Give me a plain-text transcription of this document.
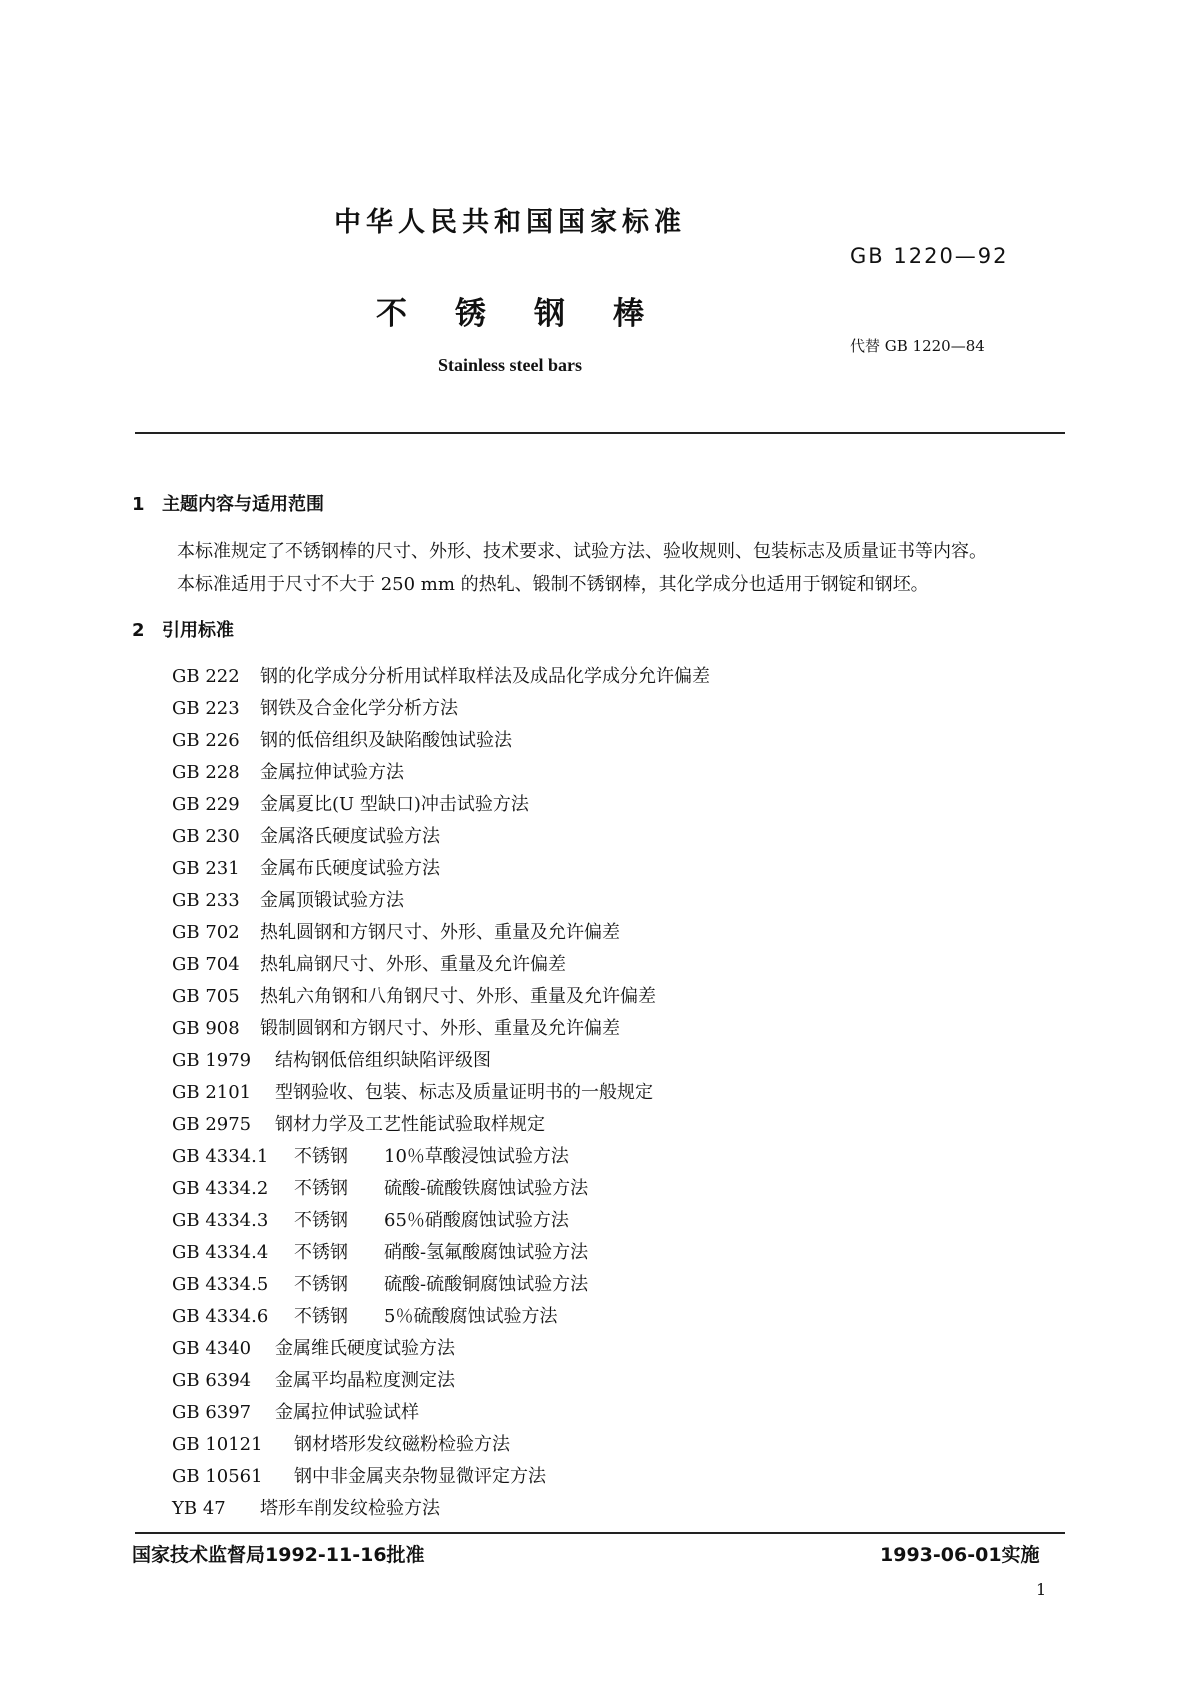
中华人民共和国国家标准
不锈钢棒
Stainless steel bars
GB 1220—92
代替 GB 1220—84
1 主题内容与适用范围
本标准规定了不锈钢棒的尺寸、外形、技术要求、试验方法、验收规则、包装标志及质量证书等内容。
本标准适用于尺寸不大于 250 mm 的热轧、锻制不锈钢棒，其化学成分也适用于钢锭和钢坯。
2 引用标准
GB 222 钢的化学成分分析用试样取样法及成品化学成分允许偏差
GB 223 钢铁及合金化学分析方法
GB 226 钢的低倍组织及缺陷酸蚀试验法
GB 228 金属拉伸试验方法
GB 229 金属夏比(U 型缺口)冲击试验方法
GB 230 金属洛氏硬度试验方法
GB 231 金属布氏硬度试验方法
GB 233 金属顶锻试验方法
GB 702 热轧圆钢和方钢尺寸、外形、重量及允许偏差
GB 704 热轧扁钢尺寸、外形、重量及允许偏差
GB 705 热轧六角钢和八角钢尺寸、外形、重量及允许偏差
GB 908 锻制圆钢和方钢尺寸、外形、重量及允许偏差
GB 1979 结构钢低倍组织缺陷评级图
GB 2101 型钢验收、包装、标志及质量证明书的一般规定
GB 2975 钢材力学及工艺性能试验取样规定
GB 4334.1 不锈钢 10％草酸浸蚀试验方法
GB 4334.2 不锈钢 硫酸-硫酸铁腐蚀试验方法
GB 4334.3 不锈钢 65％硝酸腐蚀试验方法
GB 4334.4 不锈钢 硝酸-氢氟酸腐蚀试验方法
GB 4334.5 不锈钢 硫酸-硫酸铜腐蚀试验方法
GB 4334.6 不锈钢 5％硫酸腐蚀试验方法
GB 4340 金属维氏硬度试验方法
GB 6394 金属平均晶粒度测定法
GB 6397 金属拉伸试验试样
GB 10121 钢材塔形发纹磁粉检验方法
GB 10561 钢中非金属夹杂物显微评定方法
YB 47 塔形车削发纹检验方法
国家技术监督局1992-11-16批准	1993-06-01实施
1
